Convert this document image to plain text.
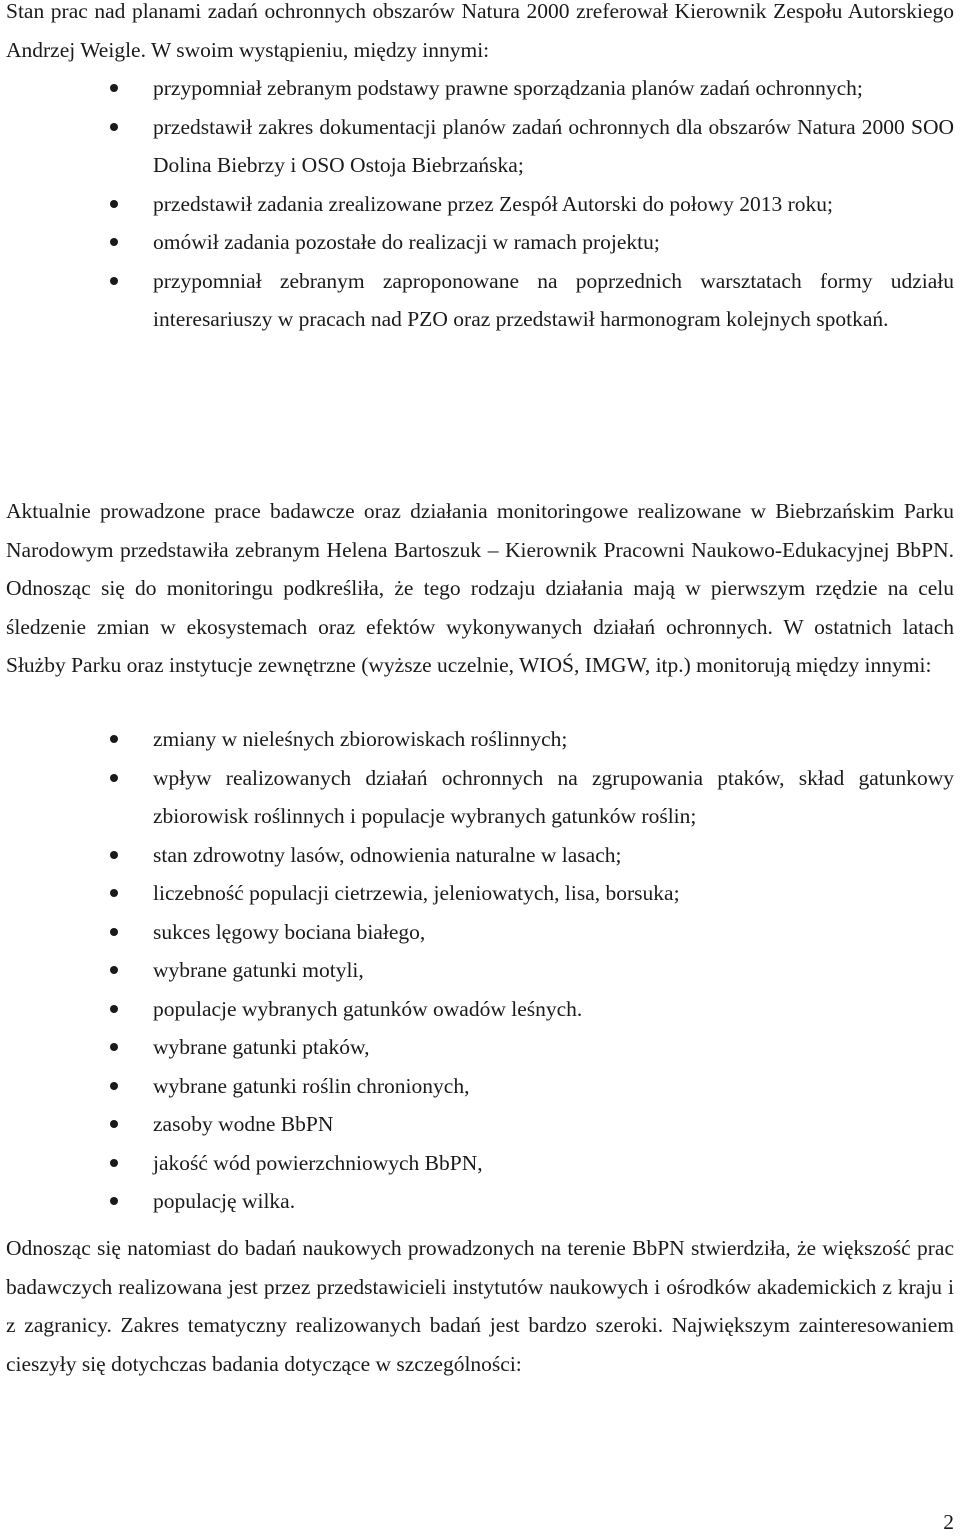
Stan prac nad planami zadań ochronnych obszarów Natura 2000 zreferował Kierownik Zespołu Autorskiego Andrzej Weigle. W swoim wystąpieniu, między innymi:

przypomniał zebranym podstawy prawne sporządzania planów zadań ochronnych;
przedstawił zakres dokumentacji planów zadań ochronnych dla obszarów Natura 2000 SOO Dolina Biebrzy i OSO Ostoja Biebrzańska;
przedstawił zadania zrealizowane przez Zespół Autorski do połowy 2013 roku;
omówił zadania pozostałe do realizacji w ramach projektu;
przypomniał zebranym zaproponowane na poprzednich warsztatach formy udziału interesariuszy w pracach nad PZO oraz przedstawił harmonogram kolejnych spotkań.

Aktualnie prowadzone prace badawcze oraz działania monitoringowe realizowane w Biebrzańskim Parku Narodowym przedstawiła zebranym Helena Bartoszuk – Kierownik Pracowni Naukowo-Edukacyjnej BbPN. Odnosząc się do monitoringu podkreśliła, że tego rodzaju działania mają w pierwszym rzędzie na celu śledzenie zmian w ekosystemach oraz efektów wykonywanych działań ochronnych. W ostatnich latach Służby Parku oraz instytucje zewnętrzne (wyższe uczelnie, WIOŚ, IMGW, itp.) monitorują między innymi:

zmiany w nieleśnych zbiorowiskach roślinnych;
wpływ realizowanych działań ochronnych na zgrupowania ptaków, skład gatunkowy zbiorowisk roślinnych i populacje wybranych gatunków roślin;
stan zdrowotny lasów, odnowienia naturalne w lasach;
liczebność populacji cietrzewia, jeleniowatych, lisa, borsuka;
sukces lęgowy bociana białego,
wybrane gatunki motyli,
populacje wybranych gatunków owadów leśnych.
wybrane gatunki ptaków,
wybrane gatunki roślin chronionych,
zasoby wodne BbPN
jakość wód powierzchniowych BbPN,
populację wilka.

Odnosząc się natomiast do badań naukowych prowadzonych na terenie BbPN stwierdziła, że większość prac badawczych realizowana jest przez przedstawicieli instytutów naukowych i ośrodków akademickich z kraju i z zagranicy. Zakres tematyczny realizowanych badań jest bardzo szeroki. Największym zainteresowaniem cieszyły się dotychczas badania dotyczące w szczególności:

2
